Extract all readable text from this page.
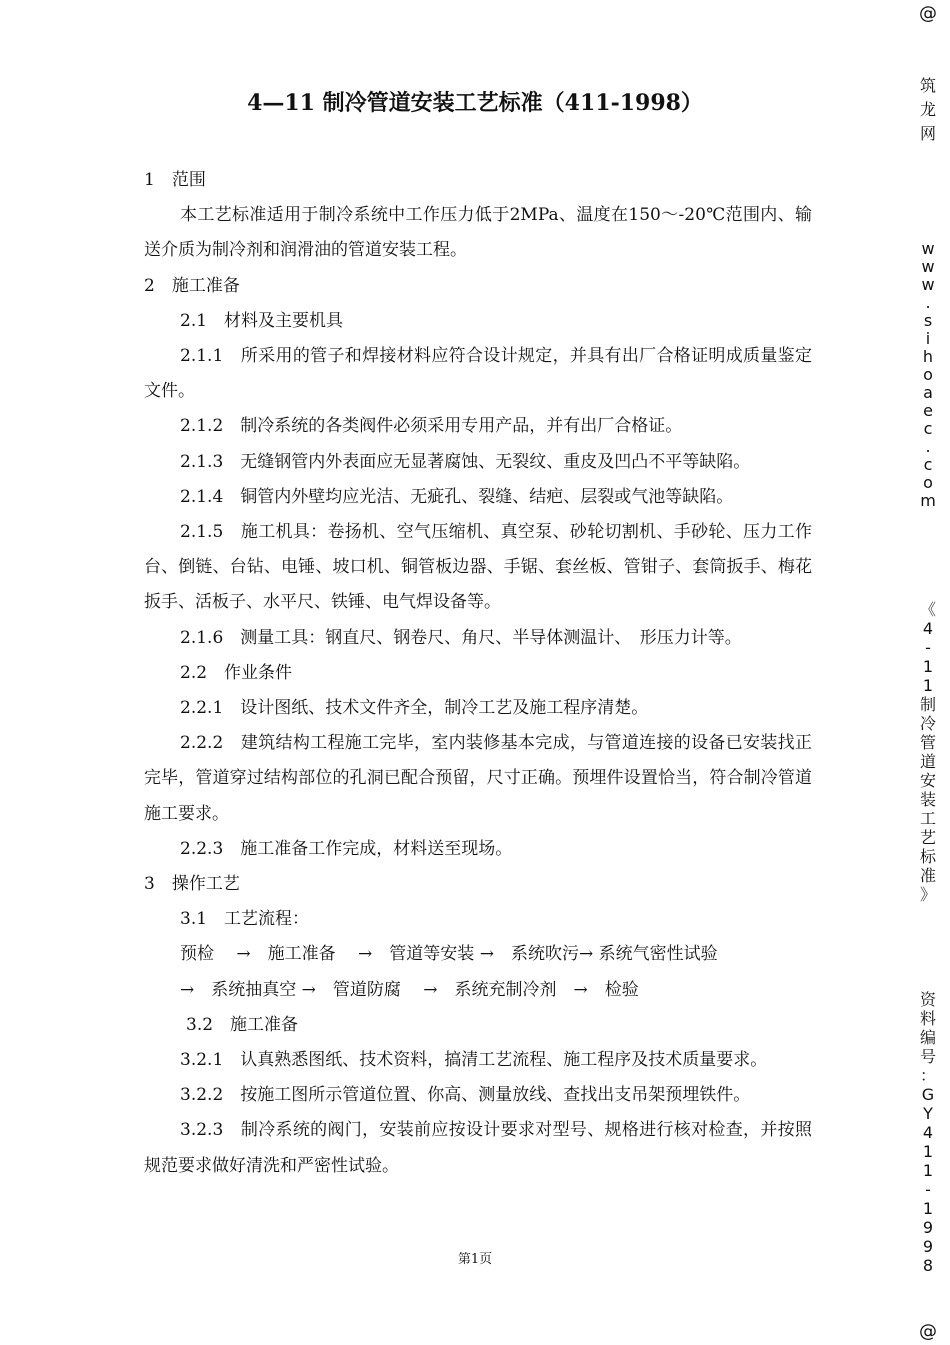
4—11 制冷管道安装工艺标准（411-1998）

1　范围

本工艺标准适用于制冷系统中工作压力低于2MPa、温度在150～-20℃范围内、输送介质为制冷剂和润滑油的管道安装工程。

2　施工准备

2.1　材料及主要机具

2.1.1　所采用的管子和焊接材料应符合设计规定，并具有出厂合格证明成质量鉴定文件。

2.1.2　制冷系统的各类阀件必须采用专用产品，并有出厂合格证。

2.1.3　无缝钢管内外表面应无显著腐蚀、无裂纹、重皮及凹凸不平等缺陷。

2.1.4　铜管内外壁均应光洁、无疵孔、裂缝、结疤、层裂或气池等缺陷。

2.1.5　施工机具：卷扬机、空气压缩机、真空泵、砂轮切割机、手砂轮、压力工作台、倒链、台钻、电锤、坡口机、铜管板边器、手锯、套丝板、管钳子、套筒扳手、梅花扳手、活板子、水平尺、铁锤、电气焊设备等。

2.1.6　测量工具：钢直尺、钢卷尺、角尺、半导体测温计、　形压力计等。

2.2　作业条件

2.2.1　设计图纸、技术文件齐全，制冷工艺及施工程序清楚。

2.2.2　建筑结构工程施工完毕，室内装修基本完成，与管道连接的设备已安装找正完毕，管道穿过结构部位的孔洞已配合预留，尺寸正确。预埋件设置恰当，符合制冷管道施工要求。

2.2.3　施工准备工作完成，材料送至现场。

3　操作工艺

3.1　工艺流程：

预检　 →　施工准备　 →　管道等安装 →　系统吹污→ 系统气密性试验

→　系统抽真空 →　管道防腐　 →　系统充制冷剂　→　检验

3.2　施工准备

3.2.1　认真熟悉图纸、技术资料，搞清工艺流程、施工程序及技术质量要求。

3.2.2　按施工图所示管道位置、你高、测量放线、查找出支吊架预埋铁件。

3.2.3　制冷系统的阀门，安装前应按设计要求对型号、规格进行核对检查，并按照规范要求做好清洗和严密性试验。

第1页
@
筑
龙
网
w
w
w
.
s
i
h
o
a
e
c
.
c
o
m
《
4
-
1
1
制
冷
管
道
安
装
工
艺
标
准
》
资
料
编
号
：
G
Y
4
1
1
-
1
9
9
8
@
